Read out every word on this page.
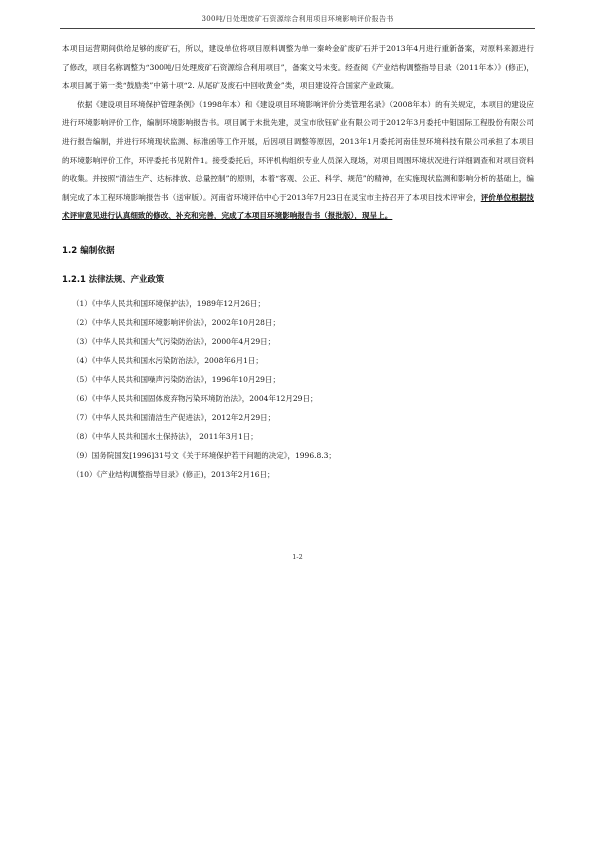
300吨/日处理废矿石资源综合利用项目环境影响评价报告书

本项目运营期间供给足够的废矿石，所以，建设单位将项目原料调整为单一秦岭金矿废矿石并于2013年4月进行重新备案，对原料来源进行了修改，项目名称调整为“300吨/日处理废矿石资源综合利用项目”，备案文号未变。经查阅《产业结构调整指导目录（2011年本）》(修正)，本项目属于第一类“鼓励类”中第十项“2. 从尾矿及废石中回收黄金”类，项目建设符合国家产业政策。

依据《建设项目环境保护管理条例》（1998年本）和《建设项目环境影响评价分类管理名录》（2008年本）的有关规定，本项目的建设应进行环境影响评价工作，编制环境影响报告书。项目属于未批先建，灵宝市欣钰矿业有限公司于2012年3月委托中钼国际工程股份有限公司进行报告编制，并进行环境现状监测、标准函等工作开展，后因项目调整等原因，2013年1月委托河南佳昱环境科技有限公司承担了本项目的环境影响评价工作，环评委托书见附件1。接受委托后，环评机构组织专业人员深入现场，对项目周围环境状况进行详细调查和对项目资料的收集。并按照“清洁生产、达标排放、总量控制”的原则，本着“客观、公正、科学、规范”的精神，在实施现状监测和影响分析的基础上，编制完成了本工程环境影响报告书（送审版）。河南省环境评估中心于2013年7月23日在灵宝市主持召开了本项目技术评审会，评价单位根据技术评审意见进行认真细致的修改、补充和完善，完成了本项目环境影响报告书（报批版），现呈上。

1.2 编制依据
1.2.1 法律法规、产业政策
（1）《中华人民共和国环境保护法》，1989年12月26日；
（2）《中华人民共和国环境影响评价法》，2002年10月28日；
（3）《中华人民共和国大气污染防治法》，2000年4月29日；
（4）《中华人民共和国水污染防治法》，2008年6月1日；
（5）《中华人民共和国噪声污染防治法》，1996年10月29日；
（6）《中华人民共和国固体废弃物污染环境防治法》，2004年12月29日；
（7）《中华人民共和国清洁生产促进法》，2012年2月29日；
（8）《中华人民共和国水土保持法》， 2011年3月1日；
（9）国务院国发[1996]31号文《关于环境保护若干问题的决定》，1996.8.3；
（10）《产业结构调整指导目录》(修正)，2013年2月16日；
1-2
